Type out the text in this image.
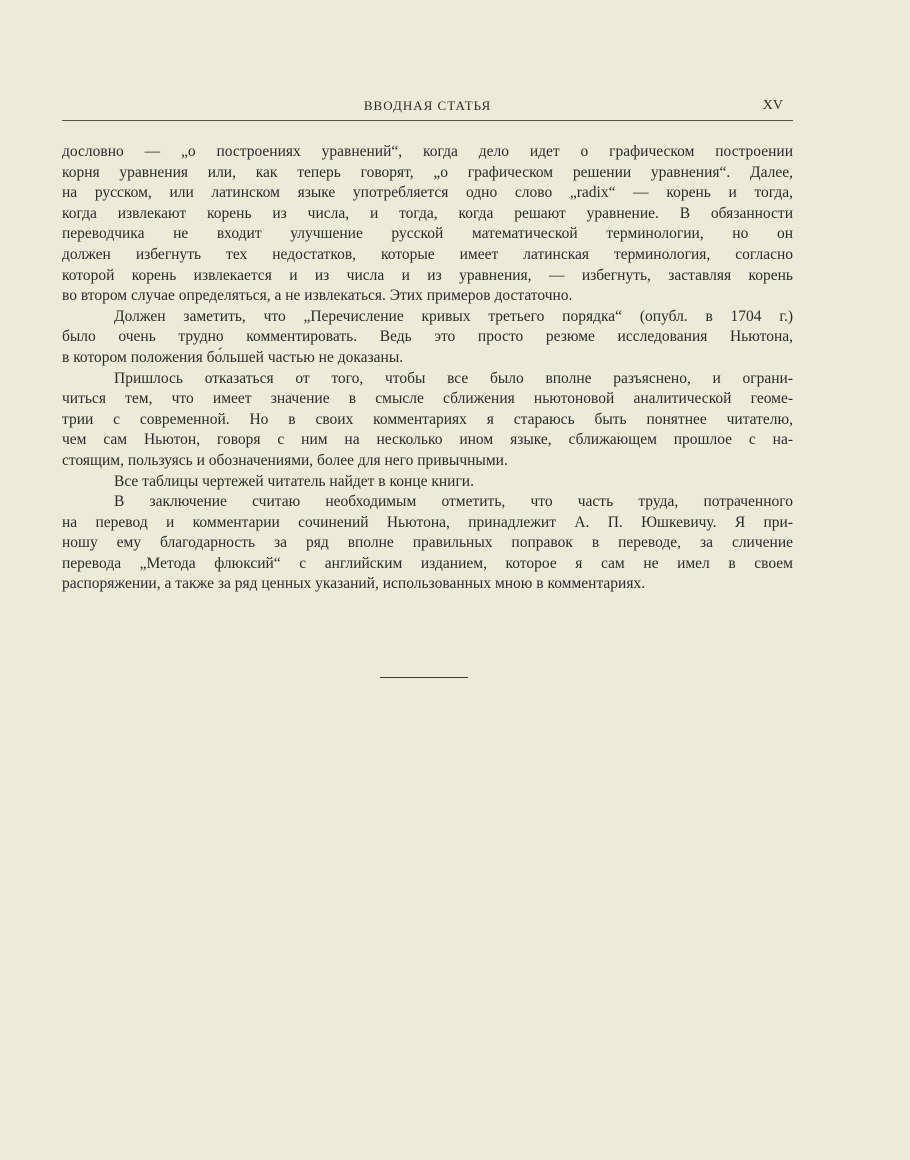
ВВОДНАЯ СТАТЬЯ	XV
дословно — „о построениях уравнений“, когда дело идет о графическом построении
корня уравнения или, как теперь говорят, „о графическом решении уравнения“. Далее,
на русском, или латинском языке употребляется одно слово „radix“ — корень и тогда,
когда извлекают корень из числа, и тогда, когда решают уравнение. В обязанности
переводчика не входит улучшение русской математической терминологии, но он
должен избегнуть тех недостатков, которые имеет латинская терминология, согласно
которой корень извлекается и из числа и из уравнения, — избегнуть, заставляя корень
во втором случае определяться, а не извлекаться. Этих примеров достаточно.
Должен заметить, что „Перечисление кривых третьего порядка“ (опубл. в 1704 г.)
было очень трудно комментировать. Ведь это просто резюме исследования Ньютона,
в котором положения бо́льшей частью не доказаны.
Пришлось отказаться от того, чтобы все было вполне разъяснено, и ограни-
читься тем, что имеет значение в смысле сближения ньютоновой аналитической геоме-
трии с современной. Но в своих комментариях я стараюсь быть понятнее читателю,
чем сам Ньютон, говоря с ним на несколько ином языке, сближающем прошлое с на-
стоящим, пользуясь и обозначениями, более для него привычными.
Все таблицы чертежей читатель найдет в конце книги.
В заключение считаю необходимым отметить, что часть труда, потраченного
на перевод и комментарии сочинений Ньютона, принадлежит А. П. Юшкевичу. Я при-
ношу ему благодарность за ряд вполне правильных поправок в переводе, за сличение
перевода „Метода флюксий“ с английским изданием, которое я сам не имел в своем
распоряжении, а также за ряд ценных указаний, использованных мною в комментариях.
